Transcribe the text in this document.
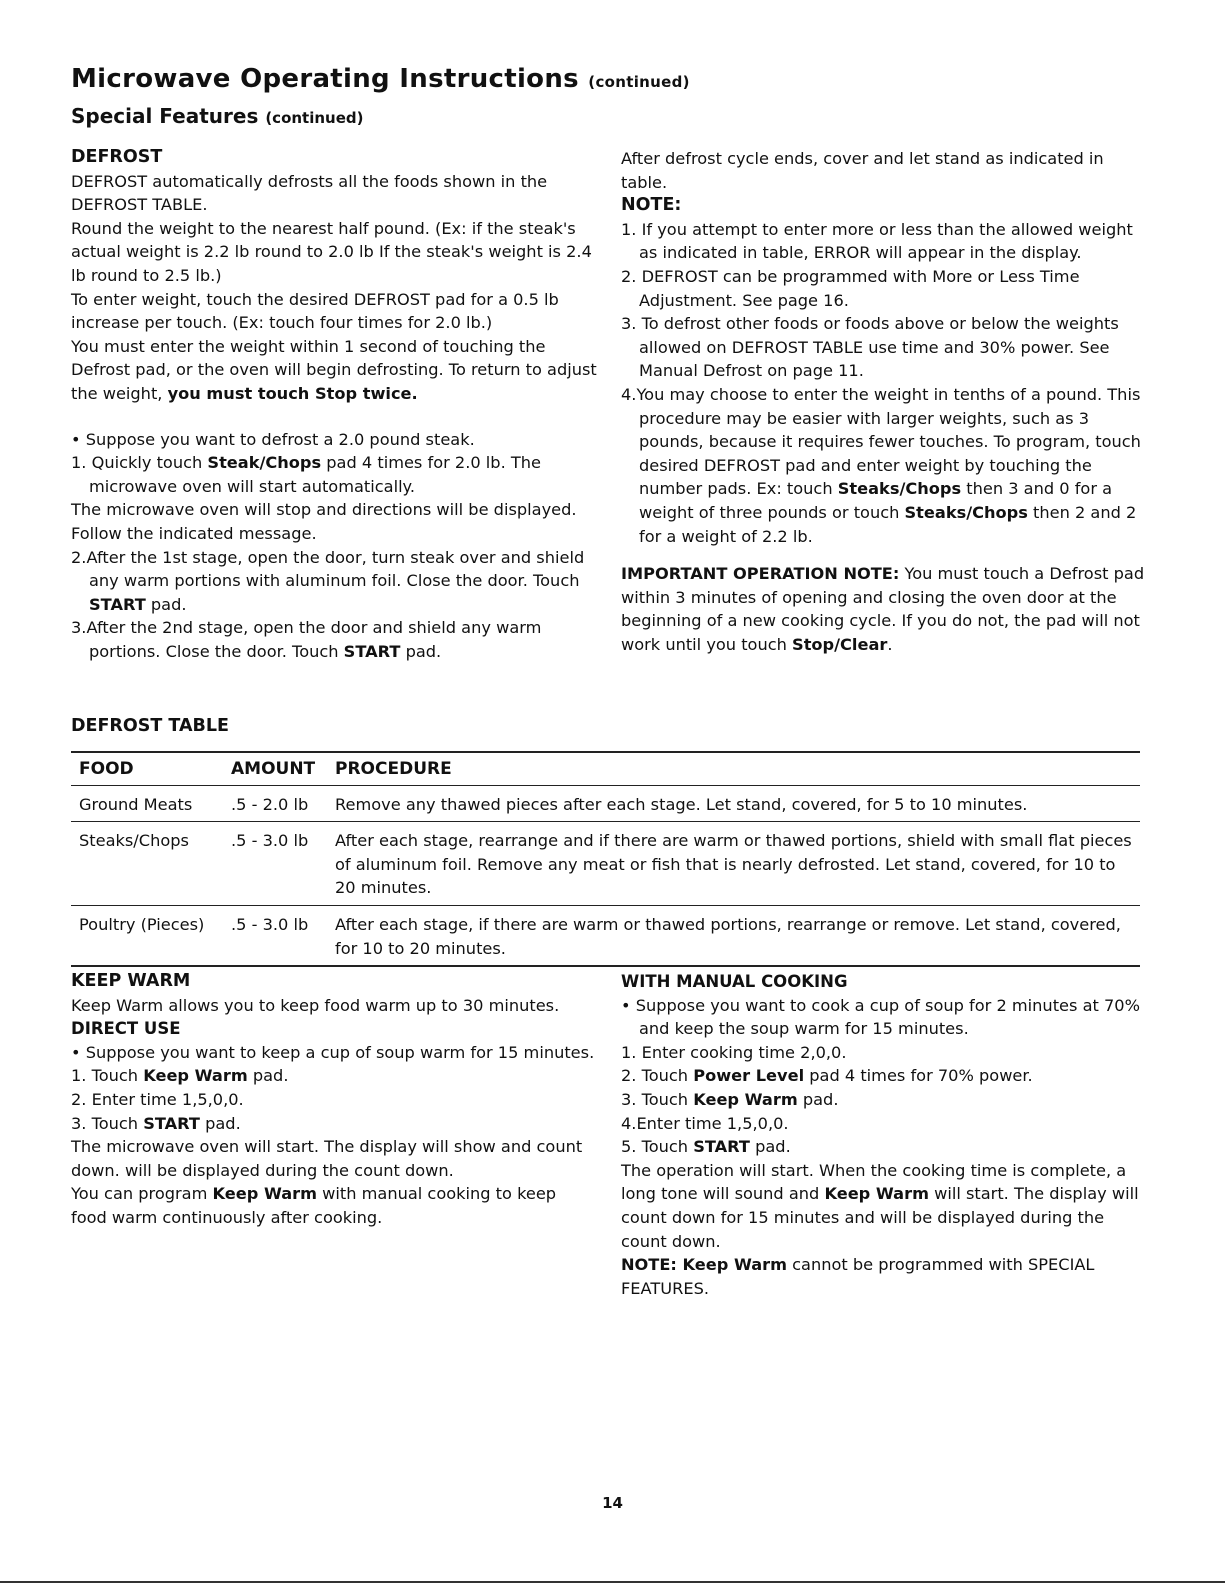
Microwave Operating Instructions (continued)
Special Features (continued)

DEFROST

DEFROST automatically defrosts all the foods shown in the DEFROST TABLE.

Round the weight to the nearest half pound. (Ex: if the steak's actual weight is 2.2 lb round to 2.0 lb If the steak's weight is 2.4 lb round to 2.5 lb.)

To enter weight, touch the desired DEFROST pad for a 0.5 lb increase per touch. (Ex: touch four times for 2.0 lb.)

You must enter the weight within 1 second of touching the Defrost pad, or the oven will begin defrosting. To return to adjust the weight, you must touch Stop twice.

• Suppose you want to defrost a 2.0 pound steak.

1. Quickly touch Steak/Chops pad 4 times for 2.0 lb. The microwave oven will start automatically.

The microwave oven will stop and directions will be displayed. Follow the indicated message.

2.After the 1st stage, open the door, turn steak over and shield any warm portions with aluminum foil. Close the door. Touch START pad.

3.After the 2nd stage, open the door and shield any warm portions. Close the door. Touch START pad.

After defrost cycle ends, cover and let stand as indicated in table.

NOTE:

1. If you attempt to enter more or less than the allowed weight as indicated in table, ERROR will appear in the display.

2. DEFROST can be programmed with More or Less Time Adjustment. See page 16.

3. To defrost other foods or foods above or below the weights allowed on DEFROST TABLE use time and 30% power. See Manual Defrost on page 11.

4.You may choose to enter the weight in tenths of a pound. This procedure may be easier with larger weights, such as 3 pounds, because it requires fewer touches. To program, touch desired DEFROST pad and enter weight by touching the number pads. Ex: touch Steaks/Chops then 3 and 0 for a weight of three pounds or touch Steaks/Chops then 2 and 2 for a weight of 2.2 lb.

IMPORTANT OPERATION NOTE: You must touch a Defrost pad within 3 minutes of opening and closing the oven door at the beginning of a new cooking cycle. If you do not, the pad will not work until you touch Stop/Clear.

DEFROST TABLE
FOOD	AMOUNT	PROCEDURE
Ground Meats	.5 - 2.0 lb	Remove any thawed pieces after each stage. Let stand, covered, for 5 to 10 minutes.
Steaks/Chops	.5 - 3.0 lb	After each stage, rearrange and if there are warm or thawed portions, shield with small flat pieces of aluminum foil. Remove any meat or fish that is nearly defrosted. Let stand, covered, for 10 to 20 minutes.
Poultry (Pieces)	.5 - 3.0 lb	After each stage, if there are warm or thawed portions, rearrange or remove. Let stand, covered, for 10 to 20 minutes.

KEEP WARM

Keep Warm allows you to keep food warm up to 30 minutes.

DIRECT USE

• Suppose you want to keep a cup of soup warm for 15 minutes.

1. Touch Keep Warm pad.

2. Enter time 1,5,0,0.

3. Touch START pad.

The microwave oven will start. The display will show and count down. will be displayed during the count down.

You can program Keep Warm with manual cooking to keep food warm continuously after cooking.

WITH MANUAL COOKING

• Suppose you want to cook a cup of soup for 2 minutes at 70% and keep the soup warm for 15 minutes.

1. Enter cooking time 2,0,0.

2. Touch Power Level pad 4 times for 70% power.

3. Touch Keep Warm pad.

4.Enter time 1,5,0,0.

5. Touch START pad.

The operation will start. When the cooking time is complete, a long tone will sound and Keep Warm will start. The display will count down for 15 minutes and will be displayed during the count down.

NOTE: Keep Warm cannot be programmed with SPECIAL FEATURES.

14
